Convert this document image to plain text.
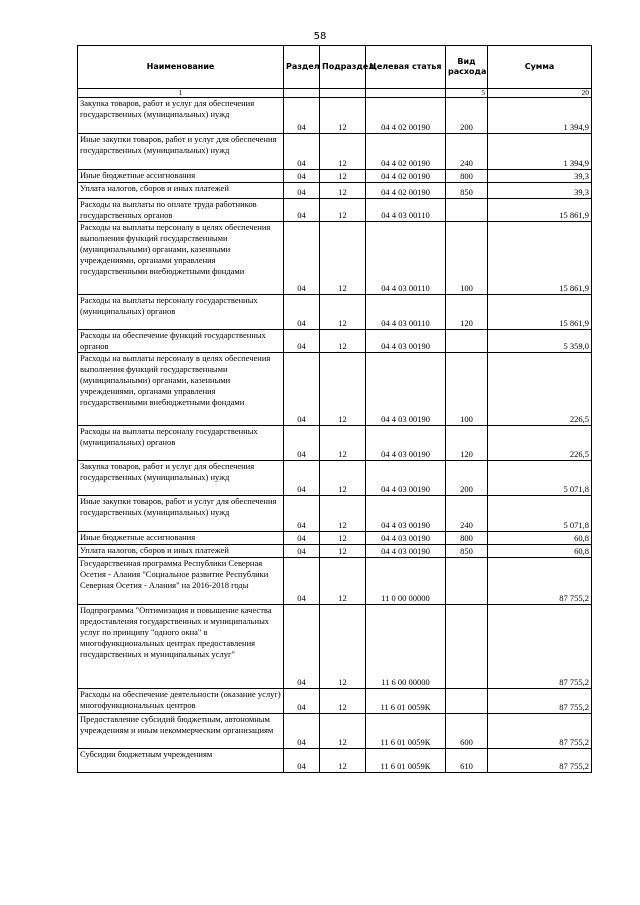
58
Наименование	Раздел	Подраздел	Целевая статья	Вид расхода	Сумма
1				5	20
Закупка товаров, работ и услуг для обеспечения государственных (муниципальных) нужд	04	12	04 4 02 00190	200	1 394,9
Иные закупки товаров, работ и услуг для обеспечения государственных (муниципальных) нужд	04	12	04 4 02 00190	240	1 394,9
Иные бюджетные ассигнования	04	12	04 4 02 00190	800	39,3
Уплата налогов, сборов и иных платежей	04	12	04 4 02 00190	850	39,3
Расходы на выплаты по оплате труда работников государственных органов	04	12	04 4 03 00110		15 861,9
Расходы на выплаты персоналу в целях обеспечения выполнения функций государственными (муниципальными) органами, казенными учреждениями, органами управления государственными внебюджетными фондами	04	12	04 4 03 00110	100	15 861,9
Расходы на выплаты персоналу государственных (муниципальных) органов	04	12	04 4 03 00110	120	15 861,9
Расходы на обеспечение функций государственных органов	04	12	04 4 03 00190		5 359,0
Расходы на выплаты персоналу в целях обеспечения выполнения функций государственными (муниципальными) органами, казенными учреждениями, органами управления государственными внебюджетными фондами	04	12	04 4 03 00190	100	226,5
Расходы на выплаты персоналу государственных (муниципальных) органов	04	12	04 4 03 00190	120	226,5
Закупка товаров, работ и услуг для обеспечения государственных (муниципальных) нужд	04	12	04 4 03 00190	200	5 071,8
Иные закупки товаров, работ и услуг для обеспечения государственных (муниципальных) нужд	04	12	04 4 03 00190	240	5 071,8
Иные бюджетные ассигнования	04	12	04 4 03 00190	800	60,8
Уплата налогов, сборов и иных платежей	04	12	04 4 03 00190	850	60,8
Государственная программа Республики Северная Осетия - Алания "Социальное развитие Республики Северная Осетия - Алания" на 2016-2018 годы	04	12	11 0 00 00000		87 755,2
Подпрограмма "Оптимизация и повышение качества предоставления государственных и муниципальных услуг по принципу "одного окна" в многофункциональных центрах предоставления государственных и муниципальных услуг"	04	12	11 6 00 00000		87 755,2
Расходы на обеспечение деятельности (оказание услуг) многофункциональных центров	04	12	11 6 01 0059К		87 755,2
Предоставление субсидий бюджетным, автономным учреждениям и иным некоммерческим организациям	04	12	11 6 01 0059К	600	87 755,2
Субсидии бюджетным учреждениям	04	12	11 6 01 0059К	610	87 755,2
